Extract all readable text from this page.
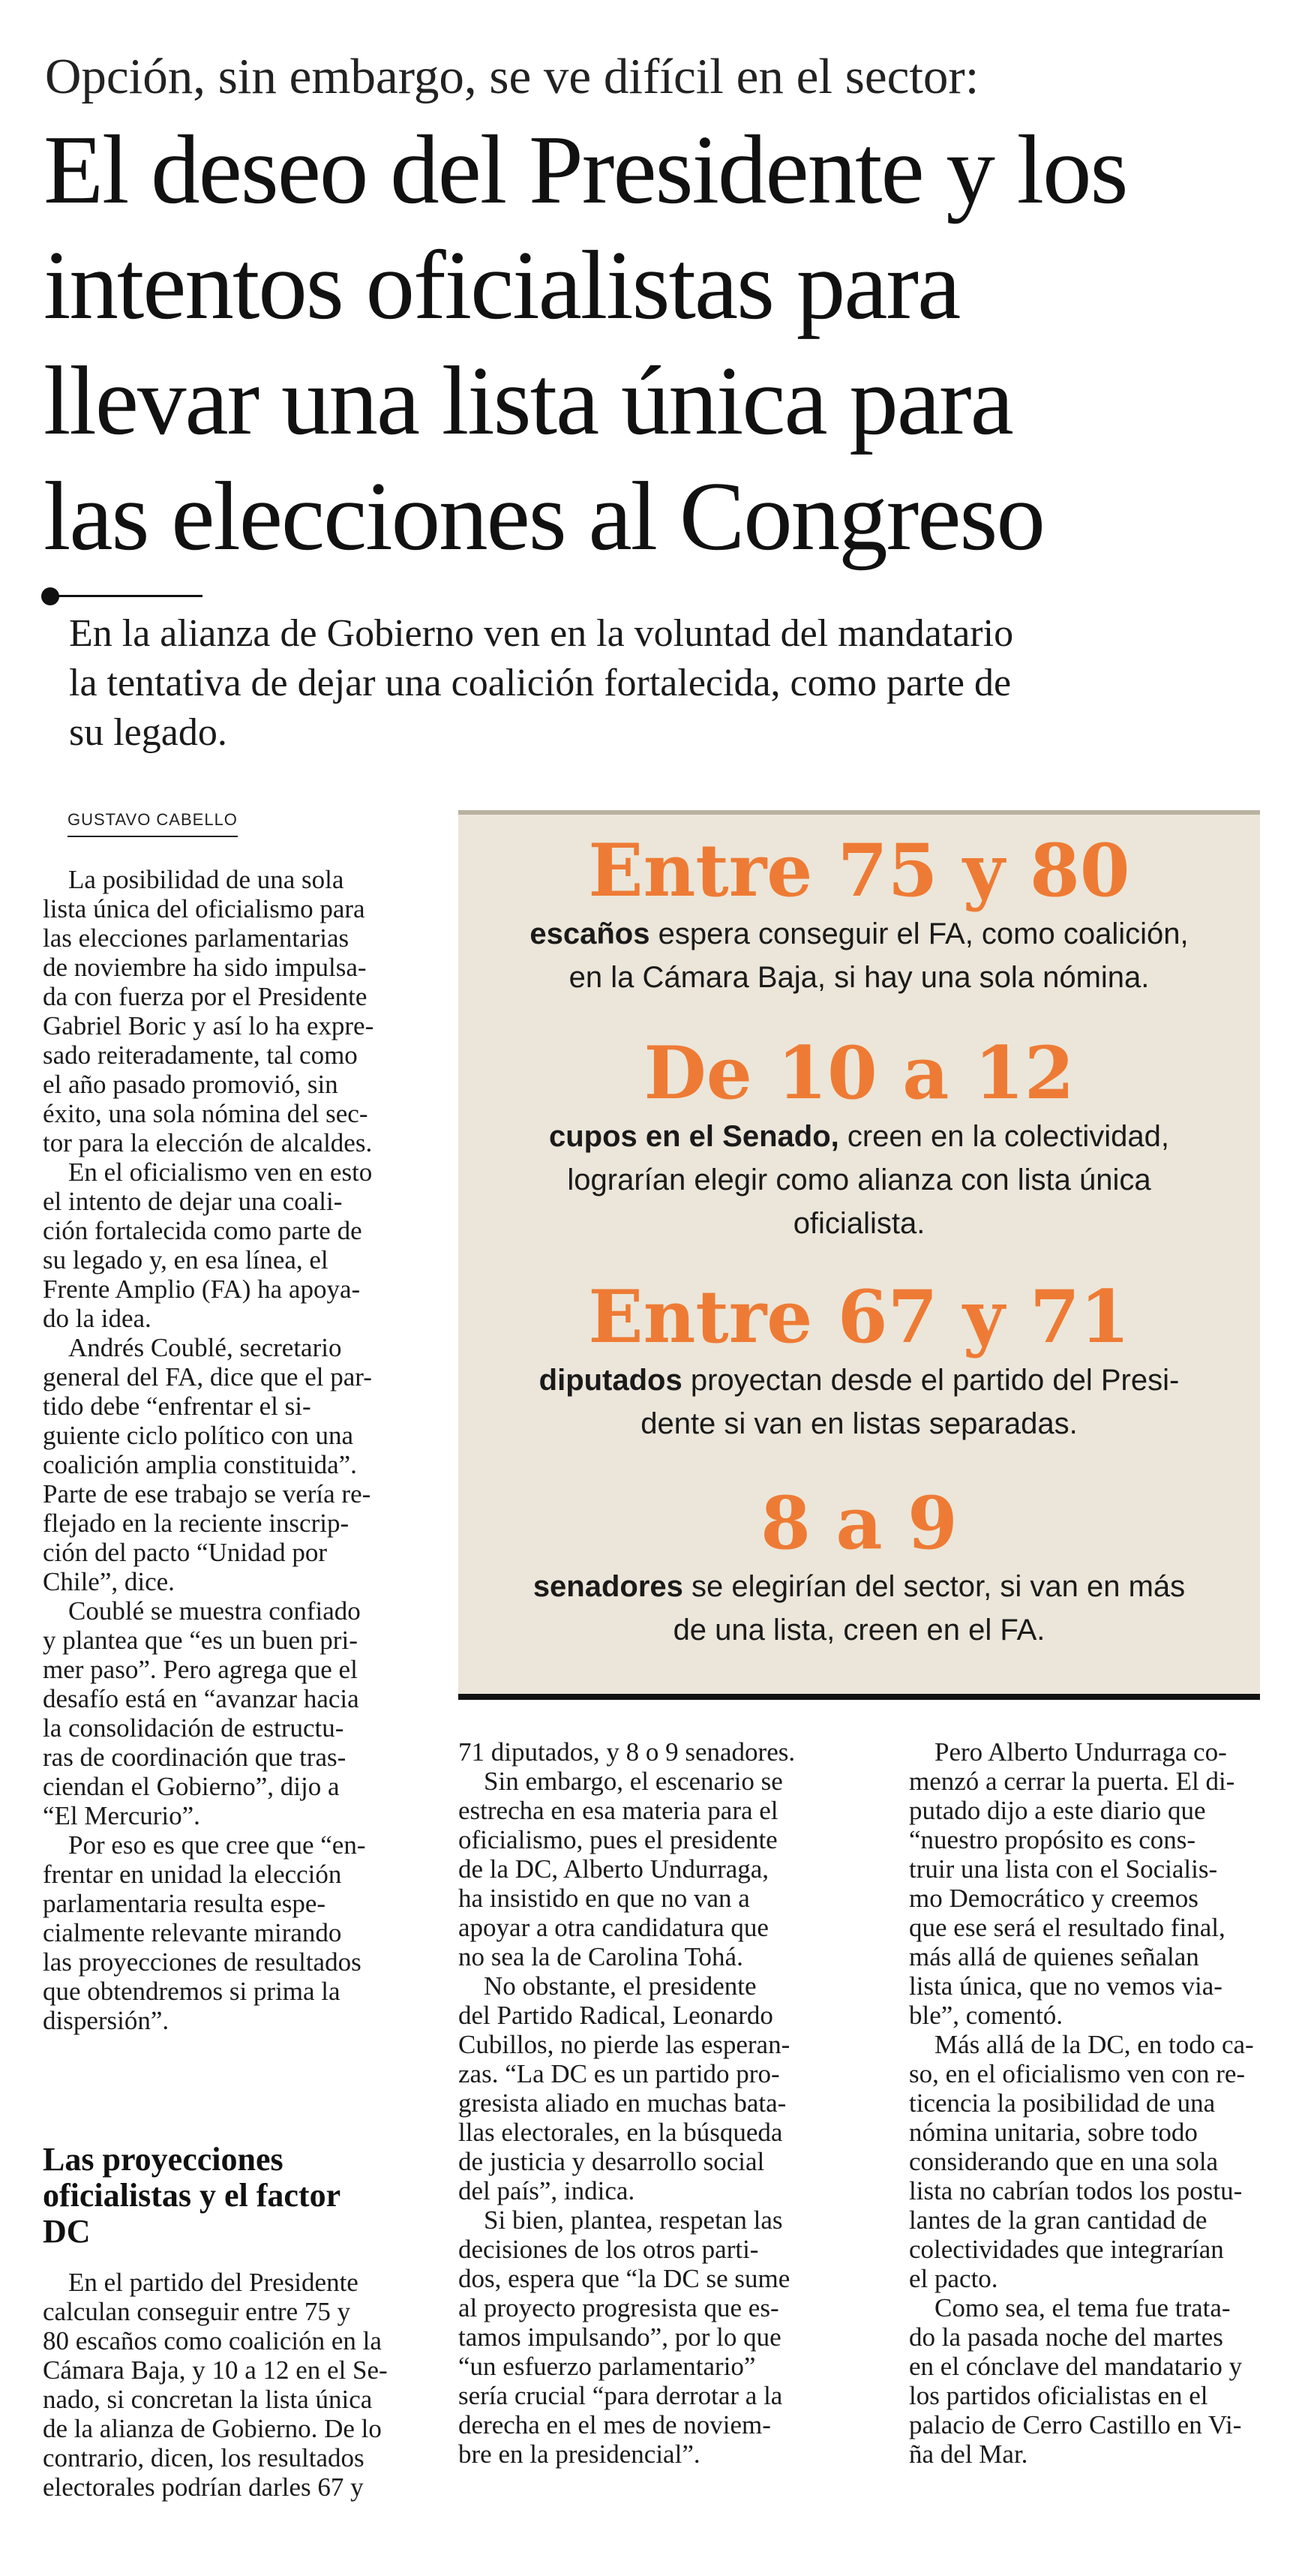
Opción, sin embargo, se ve difícil en el sector:
El deseo del Presidente y los
intentos oficialistas para
llevar una lista única para
las elecciones al Congreso
En la alianza de Gobierno ven en la voluntad del mandatario
la tentativa de dejar una coalición fortalecida, como parte de
su legado.
GUSTAVO CABELLO
La posibilidad de una sola
lista única del oficialismo para
las elecciones parlamentarias
de noviembre ha sido impulsa-
da con fuerza por el Presidente
Gabriel Boric y así lo ha expre-
sado reiteradamente, tal como
el año pasado promovió, sin
éxito, una sola nómina del sec-
tor para la elección de alcaldes.
En el oficialismo ven en esto
el intento de dejar una coali-
ción fortalecida como parte de
su legado y, en esa línea, el
Frente Amplio (FA) ha apoya-
do la idea.
Andrés Coublé, secretario
general del FA, dice que el par-
tido debe “enfrentar el si-
guiente ciclo político con una
coalición amplia constituida”.
Parte de ese trabajo se vería re-
flejado en la reciente inscrip-
ción del pacto “Unidad por
Chile”, dice.
Coublé se muestra confiado
y plantea que “es un buen pri-
mer paso”. Pero agrega que el
desafío está en “avanzar hacia
la consolidación de estructu-
ras de coordinación que tras-
ciendan el Gobierno”, dijo a
“El Mercurio”.
Por eso es que cree que “en-
frentar en unidad la elección
parlamentaria resulta espe-
cialmente relevante mirando
las proyecciones de resultados
que obtendremos si prima la
dispersión”.
Las proyecciones
oficialistas y el factor
DC
En el partido del Presidente
calculan conseguir entre 75 y
80 escaños como coalición en la
Cámara Baja, y 10 a 12 en el Se-
nado, si concretan la lista única
de la alianza de Gobierno. De lo
contrario, dicen, los resultados
electorales podrían darles 67 y
Entre 75 y 80
escaños espera conseguir el FA, como coalición,
en la Cámara Baja, si hay una sola nómina.
De 10 a 12
cupos en el Senado, creen en la colectividad,
lograrían elegir como alianza con lista única
oficialista.
Entre 67 y 71
diputados proyectan desde el partido del Presi-
dente si van en listas separadas.
8 a 9
senadores se elegirían del sector, si van en más
de una lista, creen en el FA.
71 diputados, y 8 o 9 senadores.
Sin embargo, el escenario se
estrecha en esa materia para el
oficialismo, pues el presidente
de la DC, Alberto Undurraga,
ha insistido en que no van a
apoyar a otra candidatura que
no sea la de Carolina Tohá.
No obstante, el presidente
del Partido Radical, Leonardo
Cubillos, no pierde las esperan-
zas. “La DC es un partido pro-
gresista aliado en muchas bata-
llas electorales, en la búsqueda
de justicia y desarrollo social
del país”, indica.
Si bien, plantea, respetan las
decisiones de los otros parti-
dos, espera que “la DC se sume
al proyecto progresista que es-
tamos impulsando”, por lo que
“un esfuerzo parlamentario”
sería crucial “para derrotar a la
derecha en el mes de noviem-
bre en la presidencial”.
Pero Alberto Undurraga co-
menzó a cerrar la puerta. El di-
putado dijo a este diario que
“nuestro propósito es cons-
truir una lista con el Socialis-
mo Democrático y creemos
que ese será el resultado final,
más allá de quienes señalan
lista única, que no vemos via-
ble”, comentó.
Más allá de la DC, en todo ca-
so, en el oficialismo ven con re-
ticencia la posibilidad de una
nómina unitaria, sobre todo
considerando que en una sola
lista no cabrían todos los postu-
lantes de la gran cantidad de
colectividades que integrarían
el pacto.
Como sea, el tema fue trata-
do la pasada noche del martes
en el cónclave del mandatario y
los partidos oficialistas en el
palacio de Cerro Castillo en Vi-
ña del Mar.
